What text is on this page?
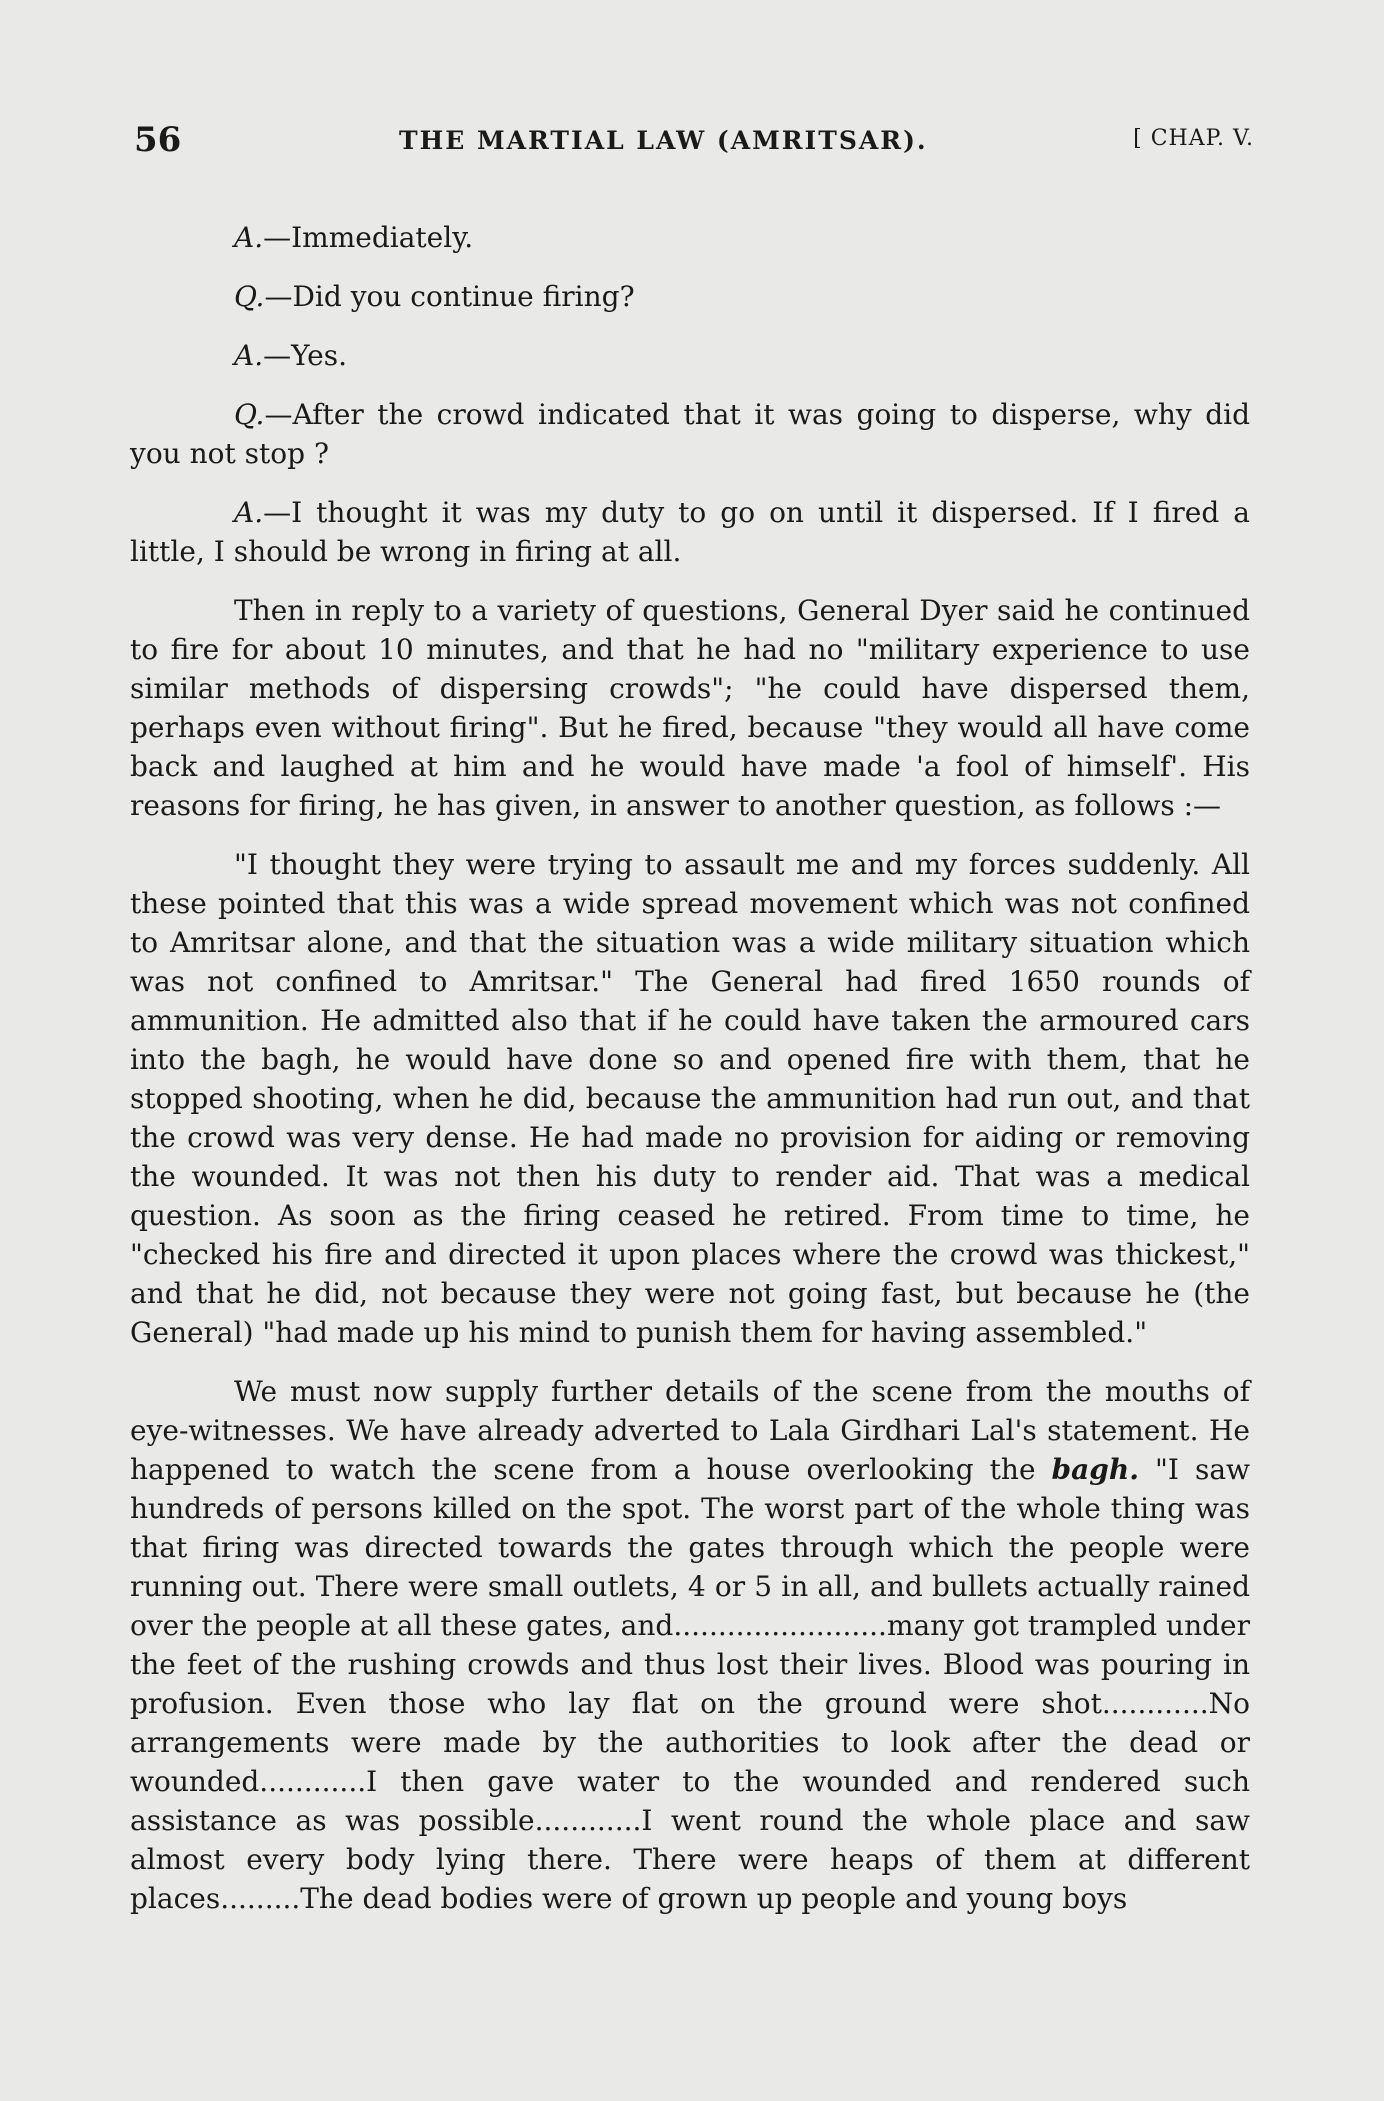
56	THE MARTIAL LAW (AMRITSAR).	[ CHAP. V.

A.—Immediately.

Q.—Did you continue firing?

A.—Yes.

Q.—After the crowd indicated that it was going to disperse, why did you not stop ?

A.—I thought it was my duty to go on until it dispersed. If I fired a little, I should be wrong in firing at all.

Then in reply to a variety of questions, General Dyer said he continued to fire for about 10 minutes, and that he had no "military experience to use similar methods of dispersing crowds"; "he could have dispersed them, perhaps even without firing". But he fired, because "they would all have come back and laughed at him and he would have made 'a fool of himself'. His reasons for firing, he has given, in answer to another question, as follows :—

"I thought they were trying to assault me and my forces suddenly. All these pointed that this was a wide spread movement which was not confined to Amritsar alone, and that the situation was a wide military situation which was not confined to Amritsar." The General had fired 1650 rounds of ammunition. He admitted also that if he could have taken the armoured cars into the bagh, he would have done so and opened fire with them, that he stopped shooting, when he did, because the ammunition had run out, and that the crowd was very dense. He had made no provision for aiding or removing the wounded. It was not then his duty to render aid. That was a medical question. As soon as the firing ceased he retired. From time to time, he "checked his fire and directed it upon places where the crowd was thickest," and that he did, not because they were not going fast, but because he (the General) "had made up his mind to punish them for having assembled."

We must now supply further details of the scene from the mouths of eye-witnesses. We have already adverted to Lala Girdhari Lal's statement. He happened to watch the scene from a house overlooking the bagh. "I saw hundreds of persons killed on the spot. The worst part of the whole thing was that firing was directed towards the gates through which the people were running out. There were small outlets, 4 or 5 in all, and bullets actually rained over the people at all these gates, and........................many got trampled under the feet of the rushing crowds and thus lost their lives. Blood was pouring in profusion. Even those who lay flat on the ground were shot............No arrangements were made by the authorities to look after the dead or wounded............I then gave water to the wounded and rendered such assistance as was possible............I went round the whole place and saw almost every body lying there. There were heaps of them at different places.........The dead bodies were of grown up people and young boys
